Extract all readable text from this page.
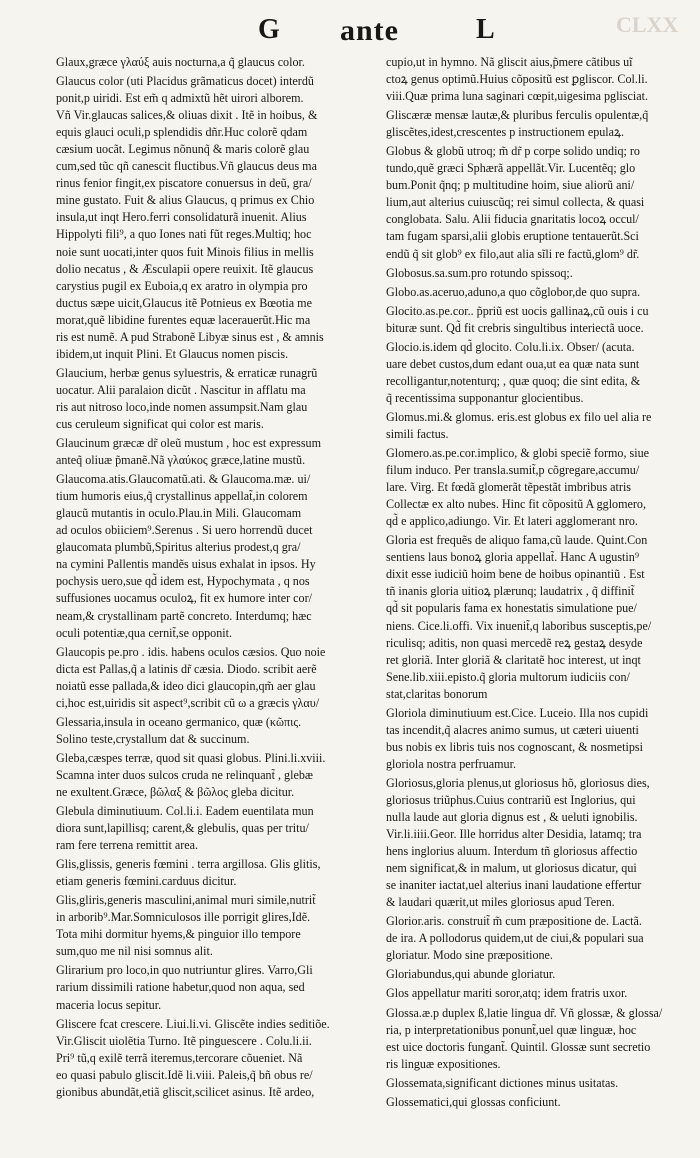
G ante	L	CLXX
Glaux,græce γλαύξ auis nocturna,a q̃ glaucus color.
Glaucus color (uti Placidus grãmaticus docet) interdũ
ponit,p uiridi. Est em̃ q admixtũ hẽt uirori alborem.
Vñ Vir.glaucas salices,& oliuas dixit . Itẽ in hoibus, &
equis glauci oculi,p splendidis dñr.Huc colorẽ qdam
cæsium uocãt. Legimus nõnunq̃ & maris colorẽ glau
cum,sed tũc qñ canescit fluctibus.Vñ glaucus deus ma
rinus fenior fingit,ex piscatore conuersus in deũ, gra/
mine gustato. Fuit & alius Glaucus, q primus ex Chio
insula,ut inqt Hero.ferri consolidaturã inuenit. Alius
Hippolyti fili⁹, a quo Iones nati fũt reges.Multiq; hoc
noie sunt uocati,inter quos fuit Minois filius in mellis
dolio necatus , & Æsculapii opere reuixit. Itẽ glaucus
carystius pugil ex Euboia,q ex aratro in olympia pro
ductus sæpe uicit,Glaucus itẽ Potnieus ex Bœotia me
morat,quẽ libidine furentes equæ lacerauerũt.Hic ma
ris est numẽ. A pud Strabonẽ Libyæ sinus est , & amnis
ibidem,ut inquit Plini. Et Glaucus nomen piscis.
Glaucium, herbæ genus syluestris, & erraticæ runagrũ
uocatur. Alii paralaion dicũt . Nascitur in afflatu ma
ris aut nitroso loco,inde nomen assumpsit.Nam glau
cus ceruleum significat qui color est maris.
Glaucinum græcæ dr̃ oleũ mustum , hoc est expressum
anteq̃ oliuæ p̃manẽ.Nã γλαύκος græce,latine mustũ.
Glaucoma.atis.Glaucomatũ.ati. & Glaucoma.mæ. ui/
tium humoris eius,q̃ crystallinus appellat̃,in colorem
glaucũ mutantis in oculo.Plau.in Mili. Glaucomam
ad oculos obiiciem⁹.Serenus . Si uero horrendũ ducet
glaucomata plumbũ,Spiritus alterius prodest,q gra/
na cymini Pallentis mandẽs uisus exhalat in ipsos. Hy
pochysis uero,sue qd̃ idem est, Hypochymata , q nos
suffusiones uocamus oculoꝝ, fit ex humore inter cor/
neam,& crystallinam partẽ concreto. Interdumq; hæc
oculi potentiæ,qua cernit̃,se opponit.
Glaucopis pe.pro . idis. habens oculos cæsios. Quo noie
dicta est Pallas,q̃ a latinis dr̃ cæsia. Diodo. scribit aerẽ
noiatũ esse pallada,& ideo dici glaucopin,qm̃ aer glau
ci,hoc est,uiridis sit aspect⁹,scribit cũ ω a græcis γλαυ/
Glessaria,insula in oceano germanico, quæ (κῶπις.
Solino teste,crystallum dat & succinum.
Gleba,cæspes terræ, quod sit quasi globus. Plini.li.xviii.
Scamna inter duos sulcos cruda ne relinquant̃ , glebæ
ne exultent.Græce, βῶλαξ & βῶλος gleba dicitur.
Glebula diminutiuum. Col.li.i. Eadem euentilata mun
diora sunt,lapillisq; carent,& glebulis, quas per tritu/
ram fere terrena remittit area.
Glis,glissis, generis fœmini . terra argillosa. Glis glitis,
etiam generis fœmini.carduus dicitur.
Glis,gliris,generis masculini,animal muri simile,nutrit̃
in arborib⁹.Mar.Somniculosos ille porrigit glires,Idẽ.
Tota mihi dormitur hyems,& pinguior illo tempore
sum,quo me nil nisi somnus alit.
Glirarium pro loco,in quo nutriuntur glires. Varro,Gli
rarium dissimili ratione habetur,quod non aqua, sed
maceria locus sepitur.
Gliscere fcat crescere. Liui.li.vi. Gliscẽte indies seditiõe.
Vir.Gliscit uiolẽtia Turno. Itẽ pinguescere . Colu.li.ii.
Pri⁹ tũ,q exilẽ terrã iteremus,tercorare cõueniet. Nã
eo quasi pabulo gliscit.Idẽ li.viii. Paleis,q̃ bñ obus re/
gionibus abundãt,etiã gliscit,scilicet asinus. Itẽ ardeo,
cupio,ut in hymno. Nã gliscit aius,p̃mere cãtibus uĩ
ctoꝝ genus optimũ.Huius cõpositũ est ꝑgliscor. Col.li.
viii.Quæ prima luna saginari cœpit,uigesima pglisciat.
Gliscæræ mensæ lautæ,& pluribus ferculis opulentæ,q̃
gliscẽtes,idest,crescentes p instructionem epulaꝝ.
Globus & globũ utroq; m̃ dr̃ p corpe solido undiq; ro
tundo,quẽ græci Sphærã appellãt.Vir. Lucentẽq; glo
bum.Ponit q̃nq; p multitudine hoim, siue aliorũ ani/
lium,aut alterius cuiuscũq; rei simul collecta, & quasi
conglobata. Salu. Alii fiducia gnaritatis locoꝝ occul/
tam fugam sparsi,alii globis eruptione tentauerũt.Sci
endũ q̃ sit glob⁹ ex filo,aut alia sĩli re factũ,glom⁹ dr̃.
Globosus.sa.sum.pro rotundo spissoq;.
Globo.as.aceruo,aduno,a quo cõglobor,de quo supra.
Glocito.as.pe.cor.. p̃priũ est uocis gallinaꝝ,cũ ouis i cu
bituræ sunt. Qd̃ fit crebris singultibus interiectã uoce.
Glocio.is.idem qd̃ glocito. Colu.li.ix. Obser/ (acuta.
uare debet custos,dum edant oua,ut ea quæ nata sunt
recolligantur,notenturq; , quæ quoq; die sint edita, &
q̃ recentissima supponantur glocientibus.
Glomus.mi.& glomus. eris.est globus ex filo uel alia re
simili factus.
Glomero.as.pe.cor.implico, & globi speciẽ formo, siue
filum induco. Per transla.sumit̃,p cõgregare,accumu/
lare. Virg. Et fœdã glomerãt tẽpestãt imbribus atris
Collectæ ex alto nubes. Hinc fit cõpositũ A gglomero,
qd̃ e applico,adiungo. Vir. Et lateri agglomerant nro.
Gloria est frequẽs de aliquo fama,cũ laude. Quint.Con
sentiens laus bonoꝝ gloria appellat̃. Hanc A ugustin⁹
dixit esse iudiciũ hoim bene de hoibus opinantiũ . Est
tñ inanis gloria uitioꝝ plærunq; laudatrix , q̃ diffinit̃
qd̃ sit popularis fama ex honestatis simulatione pue/
niens. Cice.li.offi. Vix inuenit̃,q laboribus susceptis,pe/
riculisq; aditis, non quasi mercedẽ reꝝ gestaꝝ desyde
ret gloriã. Inter gloriã & claritatẽ hoc interest, ut inqt
Sene.lib.xiii.episto.q̃ gloria multorum iudiciis con/
stat,claritas bonorum
Gloriola diminutiuum est.Cice. Luceio. Illa nos cupidi
tas incendit,q̃ alacres animo sumus, ut cæteri uiuenti
bus nobis ex libris tuis nos cognoscant, & nosmetipsi
gloriola nostra perfruamur.
Gloriosus,gloria plenus,ut gloriosus hõ, gloriosus dies,
gloriosus triũphus.Cuius contrariũ est Inglorius, qui
nulla laude aut gloria dignus est , & ueluti ignobilis.
Vir.li.iiii.Geor. Ille horridus alter Desidia, latamq; tra
hens inglorius aluum. Interdum tñ gloriosus affectio
nem significat,& in malum, ut gloriosus dicatur, qui
se inaniter iactat,uel alterius inani laudatione effertur
& laudari quærit,ut miles gloriosus apud Teren.
Glorior.aris. construit̃ m̃ cum præpositione de. Lactã.
de ira. A pollodorus quidem,ut de ciui,& populari sua
gloriatur. Modo sine præpositione.
Gloriabundus,qui abunde gloriatur.
Glos appellatur mariti soror,atq; idem fratris uxor.
Glossa.æ.p duplex ß,latie lingua dr̃. Vñ glossæ, & glossa/
ria, p interpretationibus ponunt̃,uel quæ linguæ, hoc
est uice doctoris fungant̃. Quintil. Glossæ sunt secretio
ris linguæ expositiones.
Glossemata,significant dictiones minus usitatas.
Glossematici,qui glossas conficiunt.
